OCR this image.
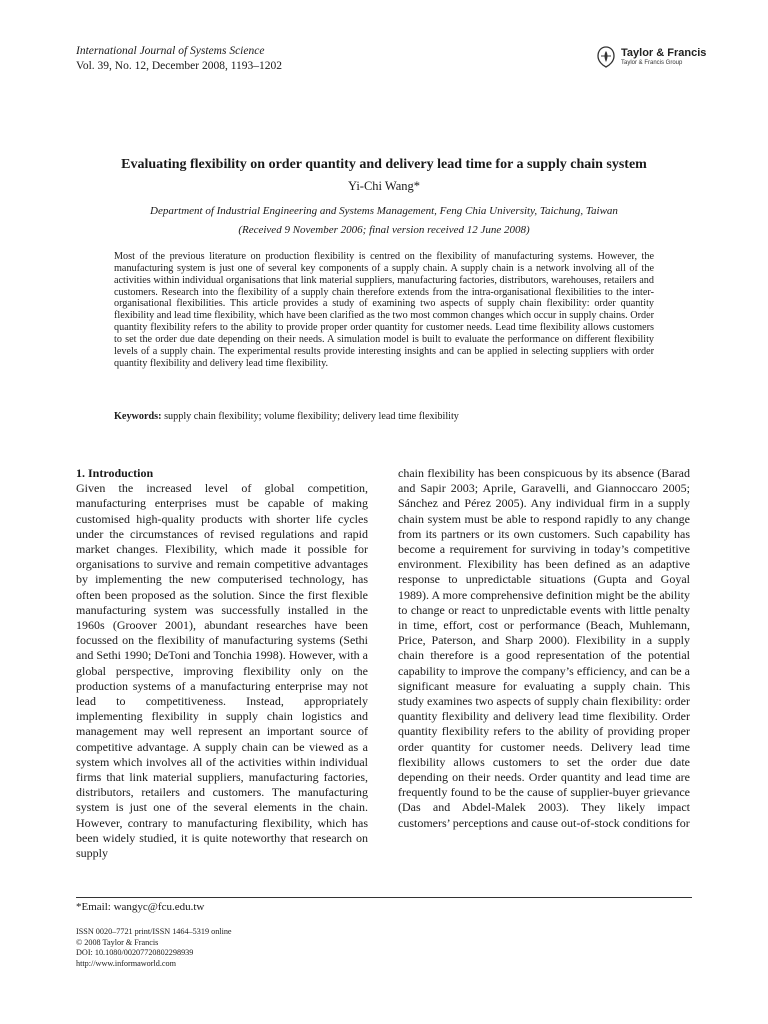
International Journal of Systems Science
Vol. 39, No. 12, December 2008, 1193–1202
Taylor & Francis
Taylor & Francis Group
Evaluating flexibility on order quantity and delivery lead time for a supply chain system
Yi-Chi Wang*
Department of Industrial Engineering and Systems Management, Feng Chia University, Taichung, Taiwan
(Received 9 November 2006; final version received 12 June 2008)

Most of the previous literature on production flexibility is centred on the flexibility of manufacturing systems. However, the manufacturing system is just one of several key components of a supply chain. A supply chain is a network involving all of the activities within individual organisations that link material suppliers, manufacturing factories, distributors, warehouses, retailers and customers. Research into the flexibility of a supply chain therefore extends from the intra-organisational flexibilities to the inter-organisational flexibilities. This article provides a study of examining two aspects of supply chain flexibility: order quantity flexibility and lead time flexibility, which have been clarified as the two most common changes which occur in supply chains. Order quantity flexibility refers to the ability to provide proper order quantity for customer needs. Lead time flexibility allows customers to set the order due date depending on their needs. A simulation model is built to evaluate the performance on different flexibility levels of a supply chain. The experimental results provide interesting insights and can be applied in selecting suppliers with order quantity flexibility and delivery lead time flexibility.

Keywords: supply chain flexibility; volume flexibility; delivery lead time flexibility
1. Introduction

Given the increased level of global competition, manufacturing enterprises must be capable of making customised high-quality products with shorter life cycles under the circumstances of revised regulations and rapid market changes. Flexibility, which made it possible for organisations to survive and remain competitive advantages by implementing the new computerised technology, has often been proposed as the solution. Since the first flexible manufacturing system was successfully installed in the 1960s (Groover 2001), abundant researches have been focussed on the flexibility of manufacturing systems (Sethi and Sethi 1990; DeToni and Tonchia 1998). However, with a global perspective, improving flexibility only on the production systems of a manufacturing enterprise may not lead to competitiveness. Instead, appropriately implementing flexibility in supply chain logistics and management may well represent an important source of competitive advantage. A supply chain can be viewed as a system which involves all of the activities within individual firms that link material suppliers, manufacturing factories, distributors, retailers and customers. The manufacturing system is just one of the several elements in the chain. However, contrary to manufacturing flexibility, which has been widely studied, it is quite noteworthy that research on supply

chain flexibility has been conspicuous by its absence (Barad and Sapir 2003; Aprile, Garavelli, and Giannoccaro 2005; Sánchez and Pérez 2005). Any individual firm in a supply chain system must be able to respond rapidly to any change from its partners or its own customers. Such capability has become a requirement for surviving in today’s competitive environment. Flexibility has been defined as an adaptive response to unpredictable situations (Gupta and Goyal 1989). A more comprehensive definition might be the ability to change or react to unpredictable events with little penalty in time, effort, cost or performance (Beach, Muhlemann, Price, Paterson, and Sharp 2000). Flexibility in a supply chain therefore is a good representation of the potential capability to improve the company’s efficiency, and can be a significant measure for evaluating a supply chain. This study examines two aspects of supply chain flexibility: order quantity flexibility and delivery lead time flexibility. Order quantity flexibility refers to the ability of providing proper order quantity for customer needs. Delivery lead time flexibility allows customers to set the order due date depending on their needs. Order quantity and lead time are frequently found to be the cause of supplier-buyer grievance (Das and Abdel-Malek 2003). They likely impact customers’ perceptions and cause out-of-stock conditions for

*Email: wangyc@fcu.edu.tw
ISSN 0020–7721 print/ISSN 1464–5319 online
© 2008 Taylor & Francis
DOI: 10.1080/00207720802298939
http://www.informaworld.com
